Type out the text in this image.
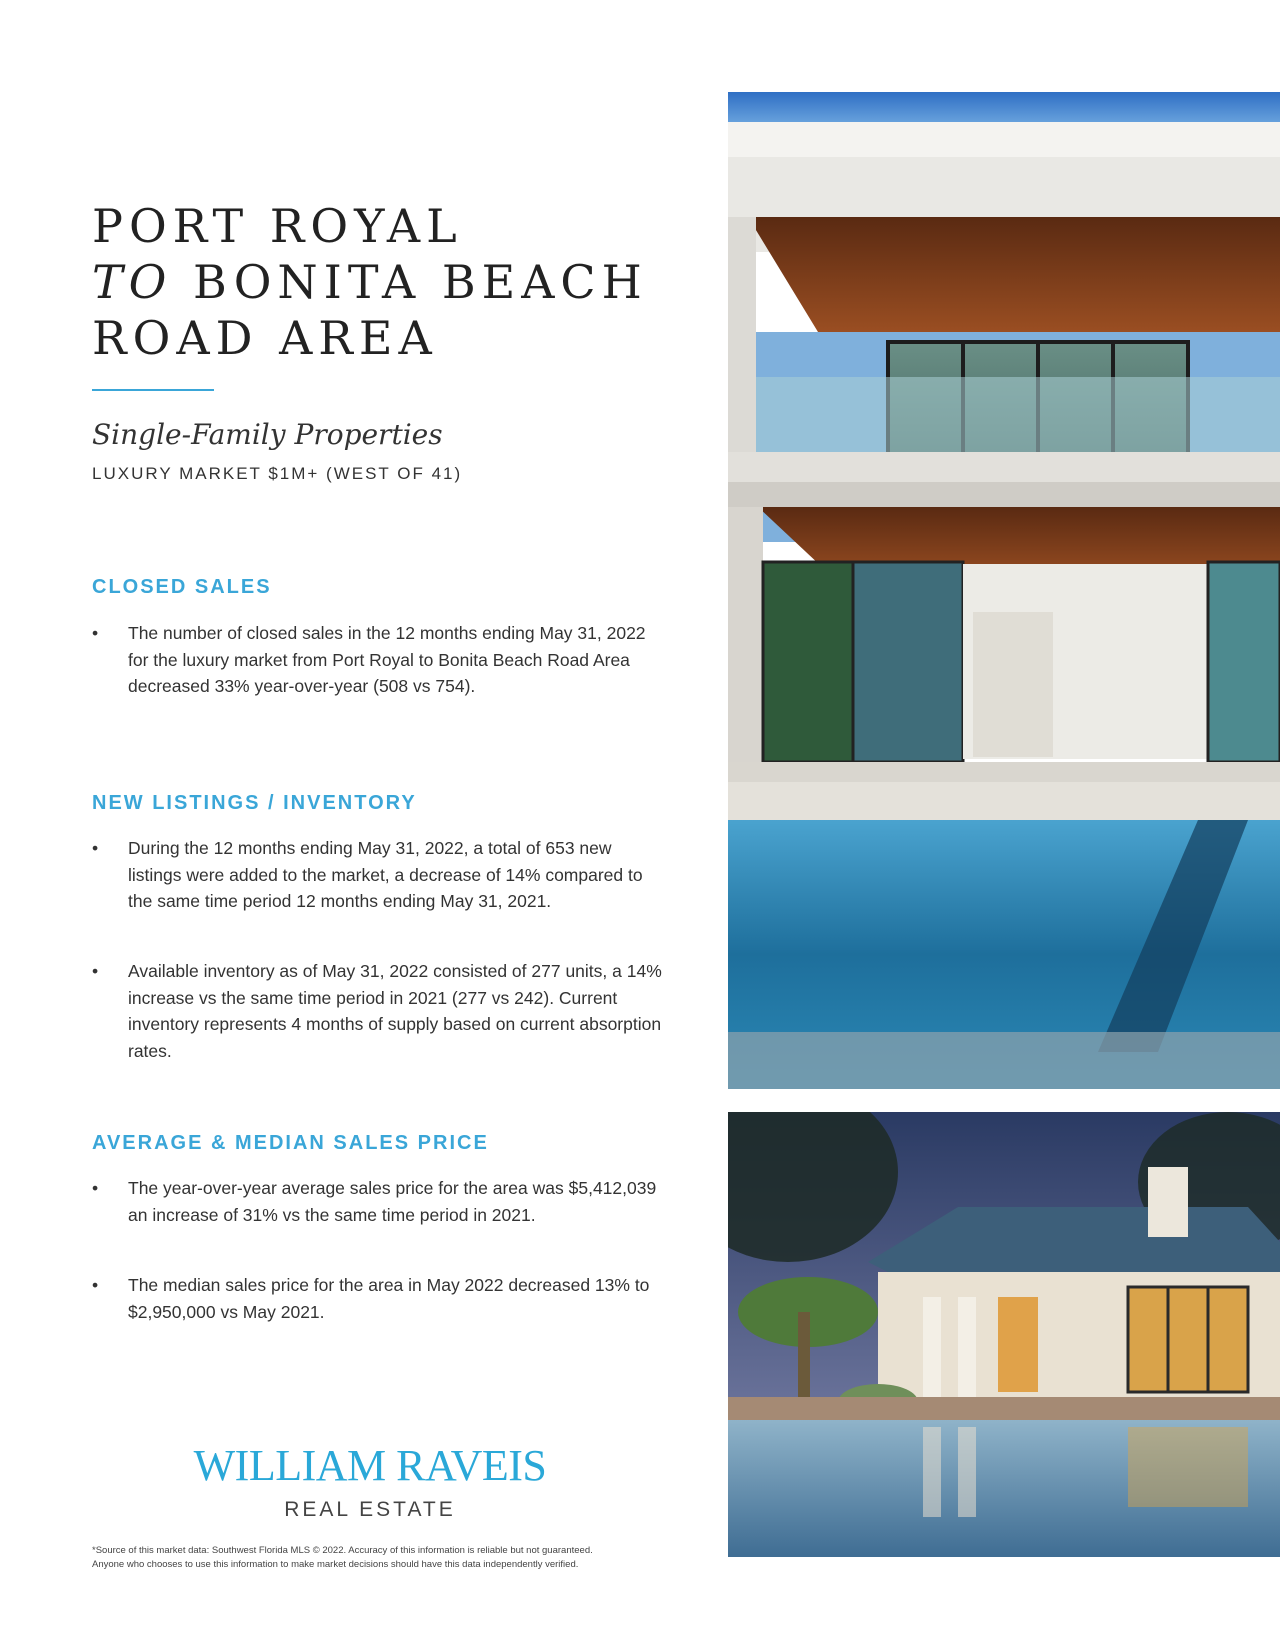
PORT ROYAL
TO BONITA BEACH
ROAD AREA
Single-Family Properties
LUXURY MARKET $1M+ (WEST OF 41)
CLOSED SALES
• The number of closed sales in the 12 months ending May 31, 2022 for the luxury market from Port Royal to Bonita Beach Road Area decreased 33% year-over-year (508 vs 754).
NEW LISTINGS / INVENTORY
• During the 12 months ending May 31, 2022, a total of 653 new listings were added to the market, a decrease of 14% compared to the same time period 12 months ending May 31, 2021.
• Available inventory as of May 31, 2022 consisted of 277 units, a 14% increase vs the same time period in 2021 (277 vs 242). Current inventory represents 4 months of supply based on current absorption rates.
AVERAGE & MEDIAN SALES PRICE
• The year-over-year average sales price for the area was $5,412,039 an increase of 31% vs the same time period in 2021.
• The median sales price for the area in May 2022 decreased 13% to $2,950,000 vs May 2021.
WILLIAM RAVEIS
REAL ESTATE
*Source of this market data: Southwest Florida MLS © 2022. Accuracy of this information is reliable but not guaranteed.
Anyone who chooses to use this information to make market decisions should have this data independently verified.
